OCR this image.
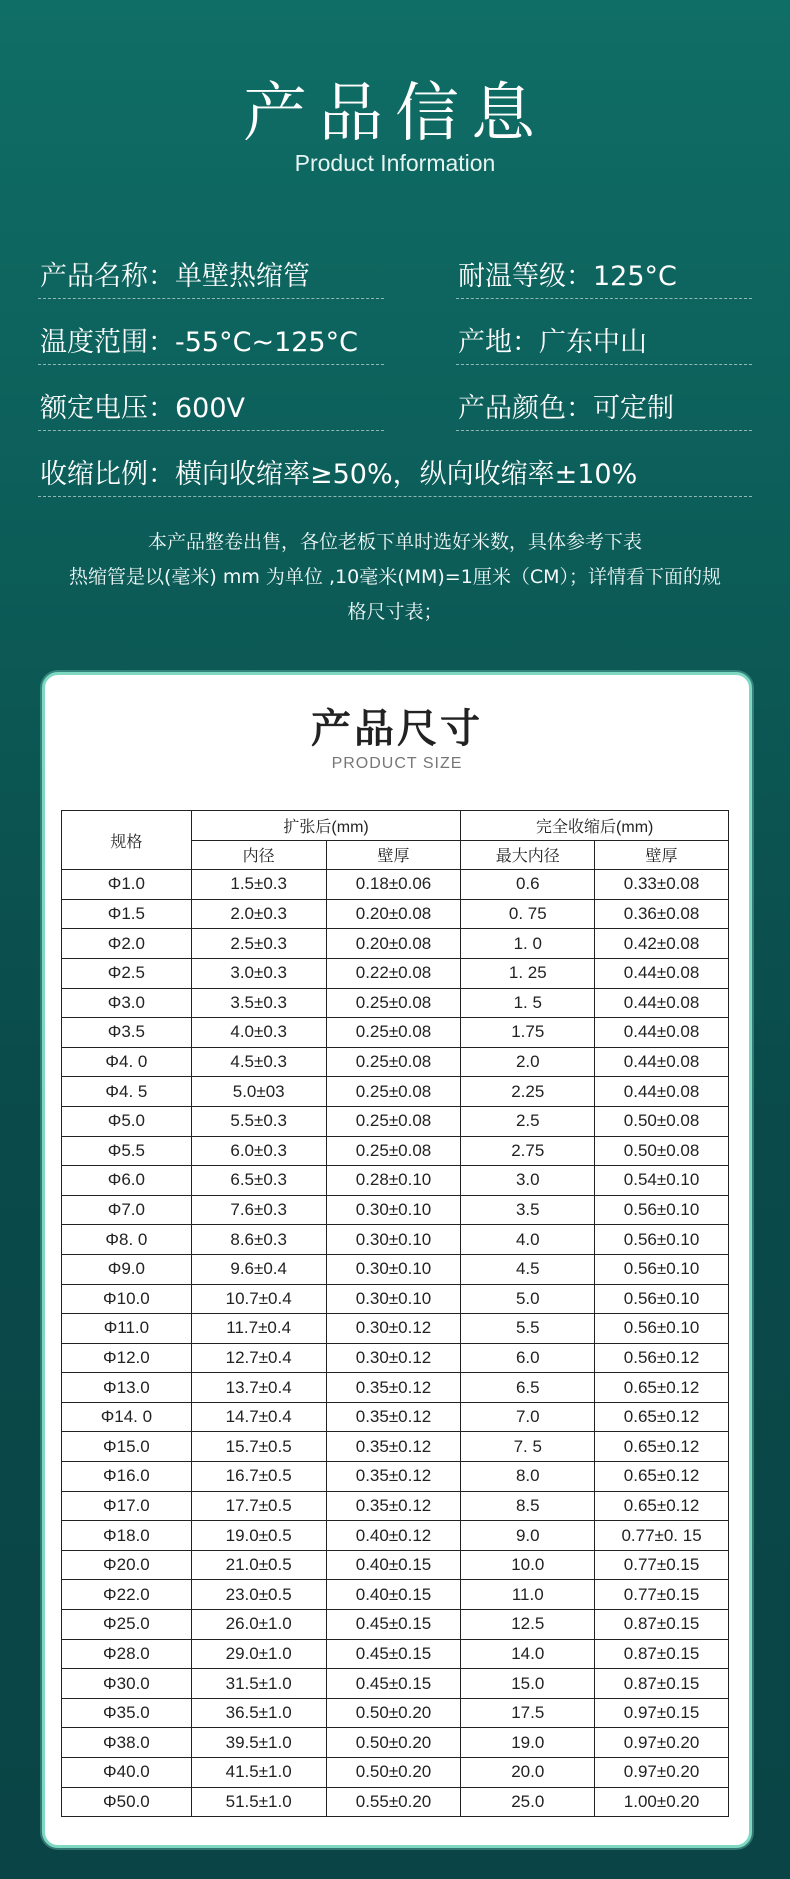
产品信息
Product Information
产品名称：单壁热缩管	耐温等级：125°C
温度范围：-55°C~125°C	产地：广东中山
额定电压：600V	产品颜色：可定制
收缩比例：横向收缩率≥50%，纵向收缩率±10%
本产品整卷出售，各位老板下单时选好米数，具体参考下表
热缩管是以(毫米) mm 为单位 ,10毫米(MM)=1厘米（CM）；详情看下面的规
格尺寸表；
产品尺寸
PRODUCT SIZE
规格	扩张后(mm)		完全收缩后(mm)	
	内径	壁厚	最大内径	壁厚
Φ1.0	1.5±0.3	0.18±0.06	0.6	0.33±0.08
Φ1.5	2.0±0.3	0.20±0.08	0. 75	0.36±0.08
Φ2.0	2.5±0.3	0.20±0.08	1. 0	0.42±0.08
Φ2.5	3.0±0.3	0.22±0.08	1. 25	0.44±0.08
Φ3.0	3.5±0.3	0.25±0.08	1. 5	0.44±0.08
Φ3.5	4.0±0.3	0.25±0.08	1.75	0.44±0.08
Φ4. 0	4.5±0.3	0.25±0.08	2.0	0.44±0.08
Φ4. 5	5.0±03	0.25±0.08	2.25	0.44±0.08
Φ5.0	5.5±0.3	0.25±0.08	2.5	0.50±0.08
Φ5.5	6.0±0.3	0.25±0.08	2.75	0.50±0.08
Φ6.0	6.5±0.3	0.28±0.10	3.0	0.54±0.10
Φ7.0	7.6±0.3	0.30±0.10	3.5	0.56±0.10
Φ8. 0	8.6±0.3	0.30±0.10	4.0	0.56±0.10
Φ9.0	9.6±0.4	0.30±0.10	4.5	0.56±0.10
Φ10.0	10.7±0.4	0.30±0.10	5.0	0.56±0.10
Φ11.0	11.7±0.4	0.30±0.12	5.5	0.56±0.10
Φ12.0	12.7±0.4	0.30±0.12	6.0	0.56±0.12
Φ13.0	13.7±0.4	0.35±0.12	6.5	0.65±0.12
Φ14. 0	14.7±0.4	0.35±0.12	7.0	0.65±0.12
Φ15.0	15.7±0.5	0.35±0.12	7. 5	0.65±0.12
Φ16.0	16.7±0.5	0.35±0.12	8.0	0.65±0.12
Φ17.0	17.7±0.5	0.35±0.12	8.5	0.65±0.12
Φ18.0	19.0±0.5	0.40±0.12	9.0	0.77±0. 15
Φ20.0	21.0±0.5	0.40±0.15	10.0	0.77±0.15
Φ22.0	23.0±0.5	0.40±0.15	11.0	0.77±0.15
Φ25.0	26.0±1.0	0.45±0.15	12.5	0.87±0.15
Φ28.0	29.0±1.0	0.45±0.15	14.0	0.87±0.15
Φ30.0	31.5±1.0	0.45±0.15	15.0	0.87±0.15
Φ35.0	36.5±1.0	0.50±0.20	17.5	0.97±0.15
Φ38.0	39.5±1.0	0.50±0.20	19.0	0.97±0.20
Φ40.0	41.5±1.0	0.50±0.20	20.0	0.97±0.20
Φ50.0	51.5±1.0	0.55±0.20	25.0	1.00±0.20
